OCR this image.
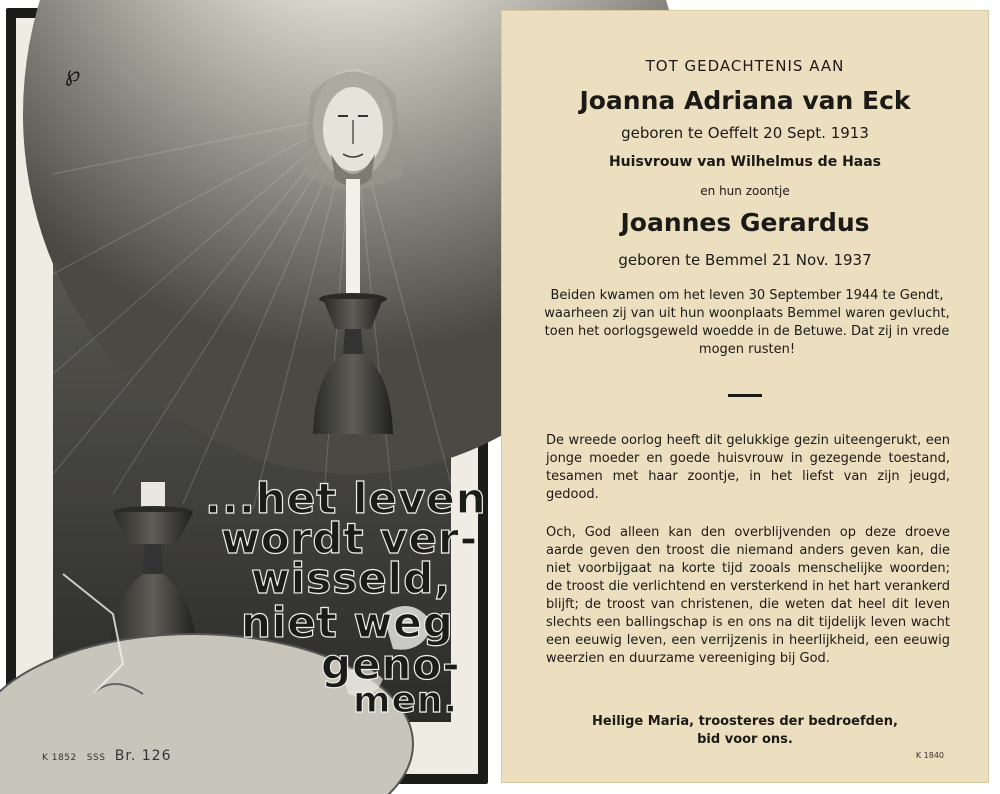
℘
...het leven
wordt ver-
wisseld,
niet weg
geno-
men.
K 1852 SSS Br. 126
TOT GEDACHTENIS AAN
Joanna Adriana van Eck
geboren te Oeffelt 20 Sept. 1913
Huisvrouw van Wilhelmus de Haas
en hun zoontje
Joannes Gerardus
geboren te Bemmel 21 Nov. 1937
Beiden kwamen om het leven 30 September 1944 te Gendt, waarheen zij van uit hun woonplaats Bemmel waren gevlucht, toen het oorlogsgeweld woedde in de Betuwe. Dat zij in vrede mogen rusten!
De wreede oorlog heeft dit gelukkige gezin uiteengerukt, een jonge moeder en goede huisvrouw in gezegende toestand, tesamen met haar zoontje, in het liefst van zijn jeugd, gedood.
Och, God alleen kan den overblijvenden op deze droeve aarde geven den troost die niemand anders geven kan, die niet voorbijgaat na korte tijd zooals menschelijke woorden; de troost die verlichtend en versterkend in het hart verankerd blijft; de troost van christenen, die weten dat heel dit leven slechts een ballingschap is en ons na dit tijdelijk leven wacht een eeuwig leven, een verrijzenis in heerlijkheid, een eeuwig weerzien en duurzame vereeniging bij God.
Heilige Maria, troosteres der bedroefden,
bid voor ons.
K 1840
